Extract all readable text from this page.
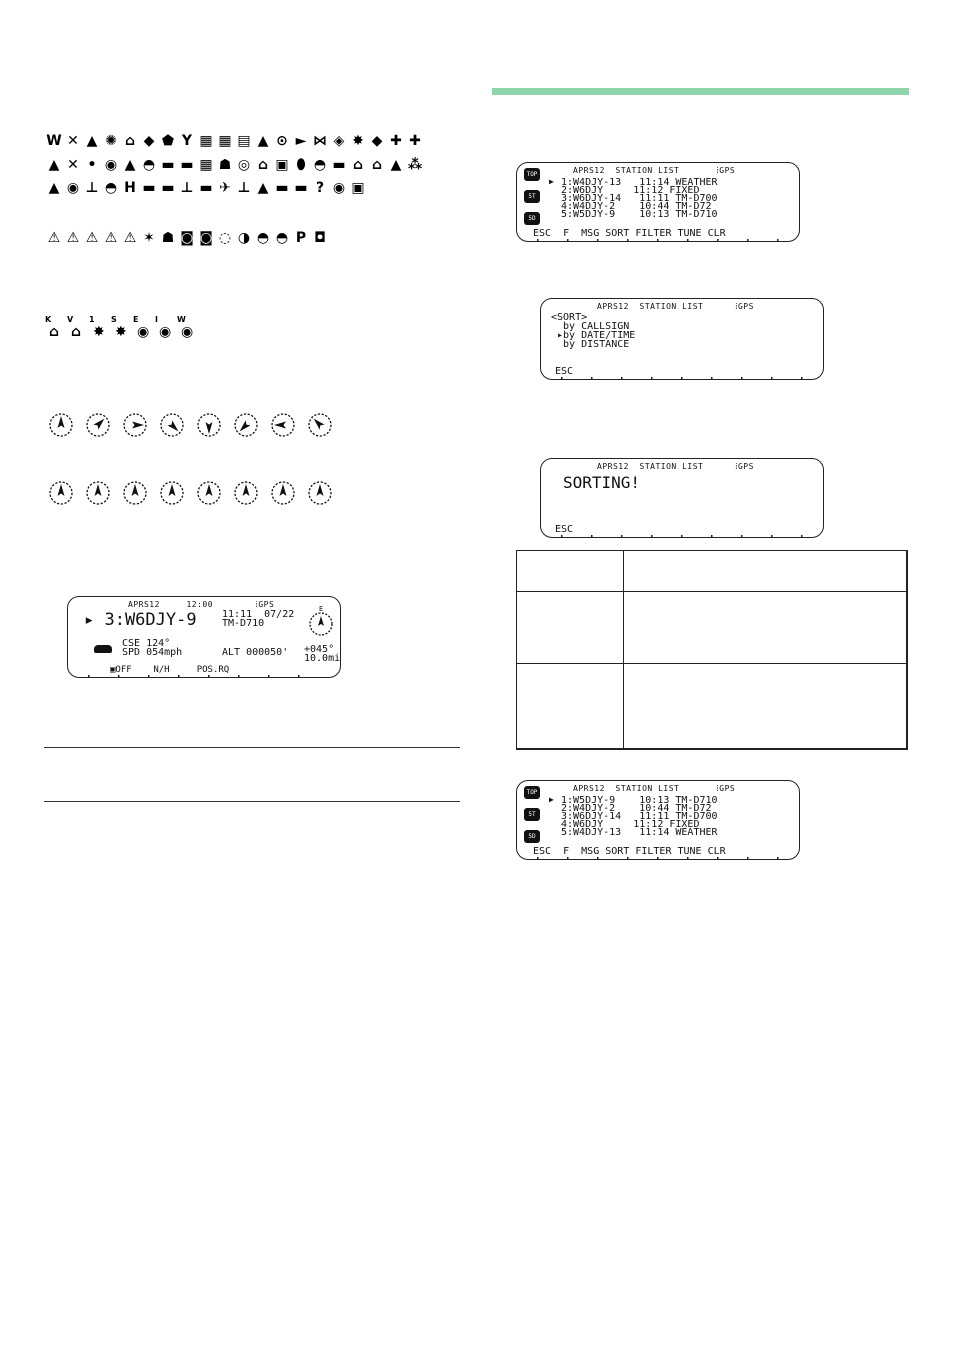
W ✕ ▲ ✺ ⌂ ◆ ⬟ Y ▦ ▦ ▤ ▲ ⊙ ► ⋈ ◈ ✸ ◆ ✚ ✚
▲ ✕ • ◉ ▲ ◓ ▬ ▬ ▦ ☗ ◎ ⌂ ▣ ⬮ ◓ ▬ ⌂ ⌂ ▲ ⁂
▲ ◉ ⊥ ◓ H ▬ ▬ ⊥ ▬ ✈ ⊥ ▲ ▬ ▬ ? ◉ ▣
⚠ ⚠ ⚠ ⚠ ⚠ ✶ ☗ ◙ ◙ ◌ ◑ ◓ ◓ P ◘
K
⌂
V
⌂
1
✸
S
✸
E
◉
I
◉
W
◉
APRS12     12:00        ⁞GPS
▸ 3:W6DJY-9	11:11  07/22
TM-D710
E
CSE 124°
SPD 054mph	ALT 000050' +045°
10.0mi
▣OFF    N/H     POS.RQ
APRS12  STATION LIST       ⁞GPS
TOP
5T
5D
▶ 1:W4DJY-13   11:14 WEATHER
2:W6DJY     11:12 FIXED
3:W6DJY-14   11:11 TM-D700
4:W4DJY-2    10:44 TM-D72
5:W5DJY-9    10:13 TM-D710
ESC  F  MSG SORT FILTER TUNE CLR
APRS12  STATION LIST      ⁞GPS
<SORT>
by CALLSIGN
▸by DATE/TIME
by DISTANCE
ESC
APRS12  STATION LIST      ⁞GPS
SORTING!
ESC
APRS12  STATION LIST       ⁞GPS
TOP
5T
5D
▶ 1:W5DJY-9    10:13 TM-D710
2:W4DJY-2    10:44 TM-D72
3:W6DJY-14   11:11 TM-D700
4:W6DJY     11:12 FIXED
5:W4DJY-13   11:14 WEATHER
ESC  F  MSG SORT FILTER TUNE CLR
